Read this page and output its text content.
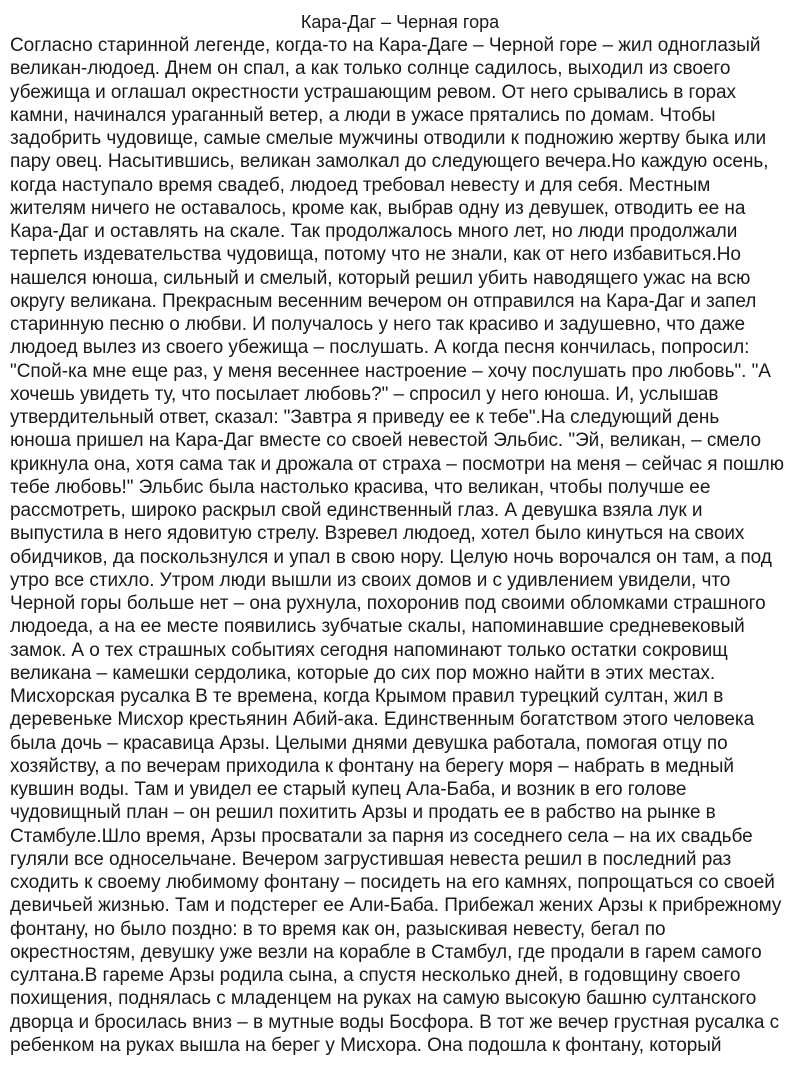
Кара-Даг – Черная гора
Согласно старинной легенде, когда-то на Кара-Даге – Черной горе – жил одноглазый
великан-людоед. Днем он спал, а как только солнце садилось, выходил из своего
убежища и оглашал окрестности устрашающим ревом. От него срывались в горах
камни, начинался ураганный ветер, а люди в ужасе прятались по домам. Чтобы
задобрить чудовище, самые смелые мужчины отводили к подножию жертву быка или
пару овец. Насытившись, великан замолкал до следующего вечера.Но каждую осень,
когда наступало время свадеб, людоед требовал невесту и для себя. Местным
жителям ничего не оставалось, кроме как, выбрав одну из девушек, отводить ее на
Кара-Даг и оставлять на скале. Так продолжалось много лет, но люди продолжали
терпеть издевательства чудовища, потому что не знали, как от него избавиться.Но
нашелся юноша, сильный и смелый, который решил убить наводящего ужас на всю
округу великана. Прекрасным весенним вечером он отправился на Кара-Даг и запел
старинную песню о любви. И получалось у него так красиво и задушевно, что даже
людоед вылез из своего убежища – послушать. А когда песня кончилась, попросил:
"Спой-ка мне еще раз, у меня весеннее настроение – хочу послушать про любовь". "А
хочешь увидеть ту, что посылает любовь?" – спросил у него юноша. И, услышав
утвердительный ответ, сказал: "Завтра я приведу ее к тебе".На следующий день
юноша пришел на Кара-Даг вместе со своей невестой Эльбис. "Эй, великан, – смело
крикнула она, хотя сама так и дрожала от страха – посмотри на меня – сейчас я пошлю
тебе любовь!" Эльбис была настолько красива, что великан, чтобы получше ее
рассмотреть, широко раскрыл свой единственный глаз. А девушка взяла лук и
выпустила в него ядовитую стрелу. Взревел людоед, хотел было кинуться на своих
обидчиков, да поскользнулся и упал в свою нору. Целую ночь ворочался он там, а под
утро все стихло. Утром люди вышли из своих домов и с удивлением увидели, что
Черной горы больше нет – она рухнула, похоронив под своими обломками страшного
людоеда, а на ее месте появились зубчатые скалы, напоминавшие средневековый
замок. А о тех страшных событиях сегодня напоминают только остатки сокровищ
великана – камешки сердолика, которые до сих пор можно найти в этих местах.
Мисхорская русалка В те времена, когда Крымом правил турецкий султан, жил в
деревеньке Мисхор крестьянин Абий-ака. Единственным богатством этого человека
была дочь – красавица Арзы. Целыми днями девушка работала, помогая отцу по
хозяйству, а по вечерам приходила к фонтану на берегу моря – набрать в медный
кувшин воды. Там и увидел ее старый купец Ала-Баба, и возник в его голове
чудовищный план – он решил похитить Арзы и продать ее в рабство на рынке в
Стамбуле.Шло время, Арзы просватали за парня из соседнего села – на их свадьбе
гуляли все односельчане. Вечером загрустившая невеста решил в последний раз
сходить к своему любимому фонтану – посидеть на его камнях, попрощаться со своей
девичьей жизнью. Там и подстерег ее Али-Баба. Прибежал жених Арзы к прибрежному
фонтану, но было поздно: в то время как он, разыскивая невесту, бегал по
окрестностям, девушку уже везли на корабле в Стамбул, где продали в гарем самого
султана.В гареме Арзы родила сына, а спустя несколько дней, в годовщину своего
похищения, поднялась с младенцем на руках на самую высокую башню султанского
дворца и бросилась вниз – в мутные воды Босфора. В тот же вечер грустная русалка с
ребенком на руках вышла на берег у Мисхора. Она подошла к фонтану, который
